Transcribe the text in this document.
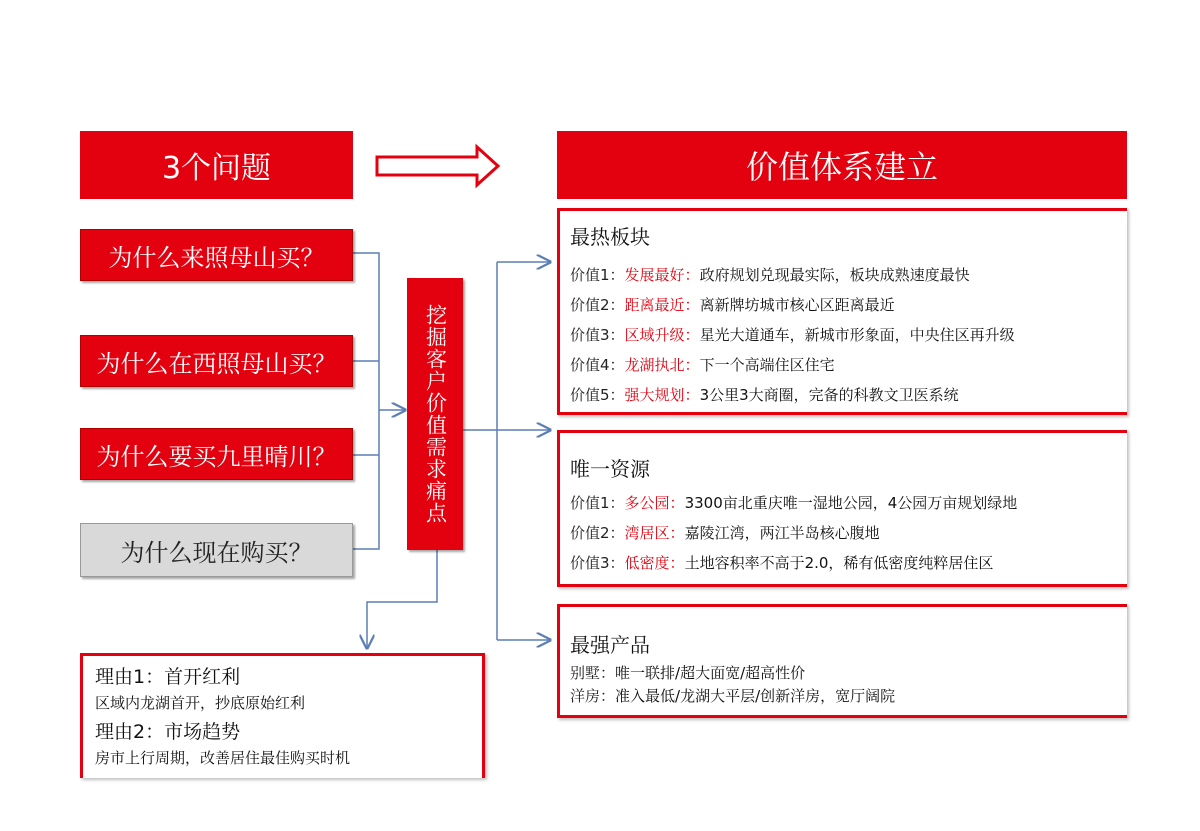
3个问题	价值体系建立
为什么来照母山买？
为什么在西照母山买？
为什么要买九里晴川？
为什么现在购买？
挖掘客户价值需求痛点
理由1：首开红利
区域内龙湖首开，抄底原始红利
理由2：市场趋势
房市上行周期，改善居住最佳购买时机
最热板块
价值1：发展最好：政府规划兑现最实际，板块成熟速度最快
价值2：距离最近：离新牌坊城市核心区距离最近
价值3：区域升级：星光大道通车，新城市形象面，中央住区再升级
价值4：龙湖执北：下一个高端住区住宅
价值5：强大规划：3公里3大商圈，完备的科教文卫医系统
唯一资源
价值1：多公园：3300亩北重庆唯一湿地公园，4公园万亩规划绿地
价值2：湾居区：嘉陵江湾，两江半岛核心腹地
价值3：低密度：土地容积率不高于2.0，稀有低密度纯粹居住区
最强产品
别墅：唯一联排/超大面宽/超高性价
洋房：准入最低/龙湖大平层/创新洋房，宽厅阔院
